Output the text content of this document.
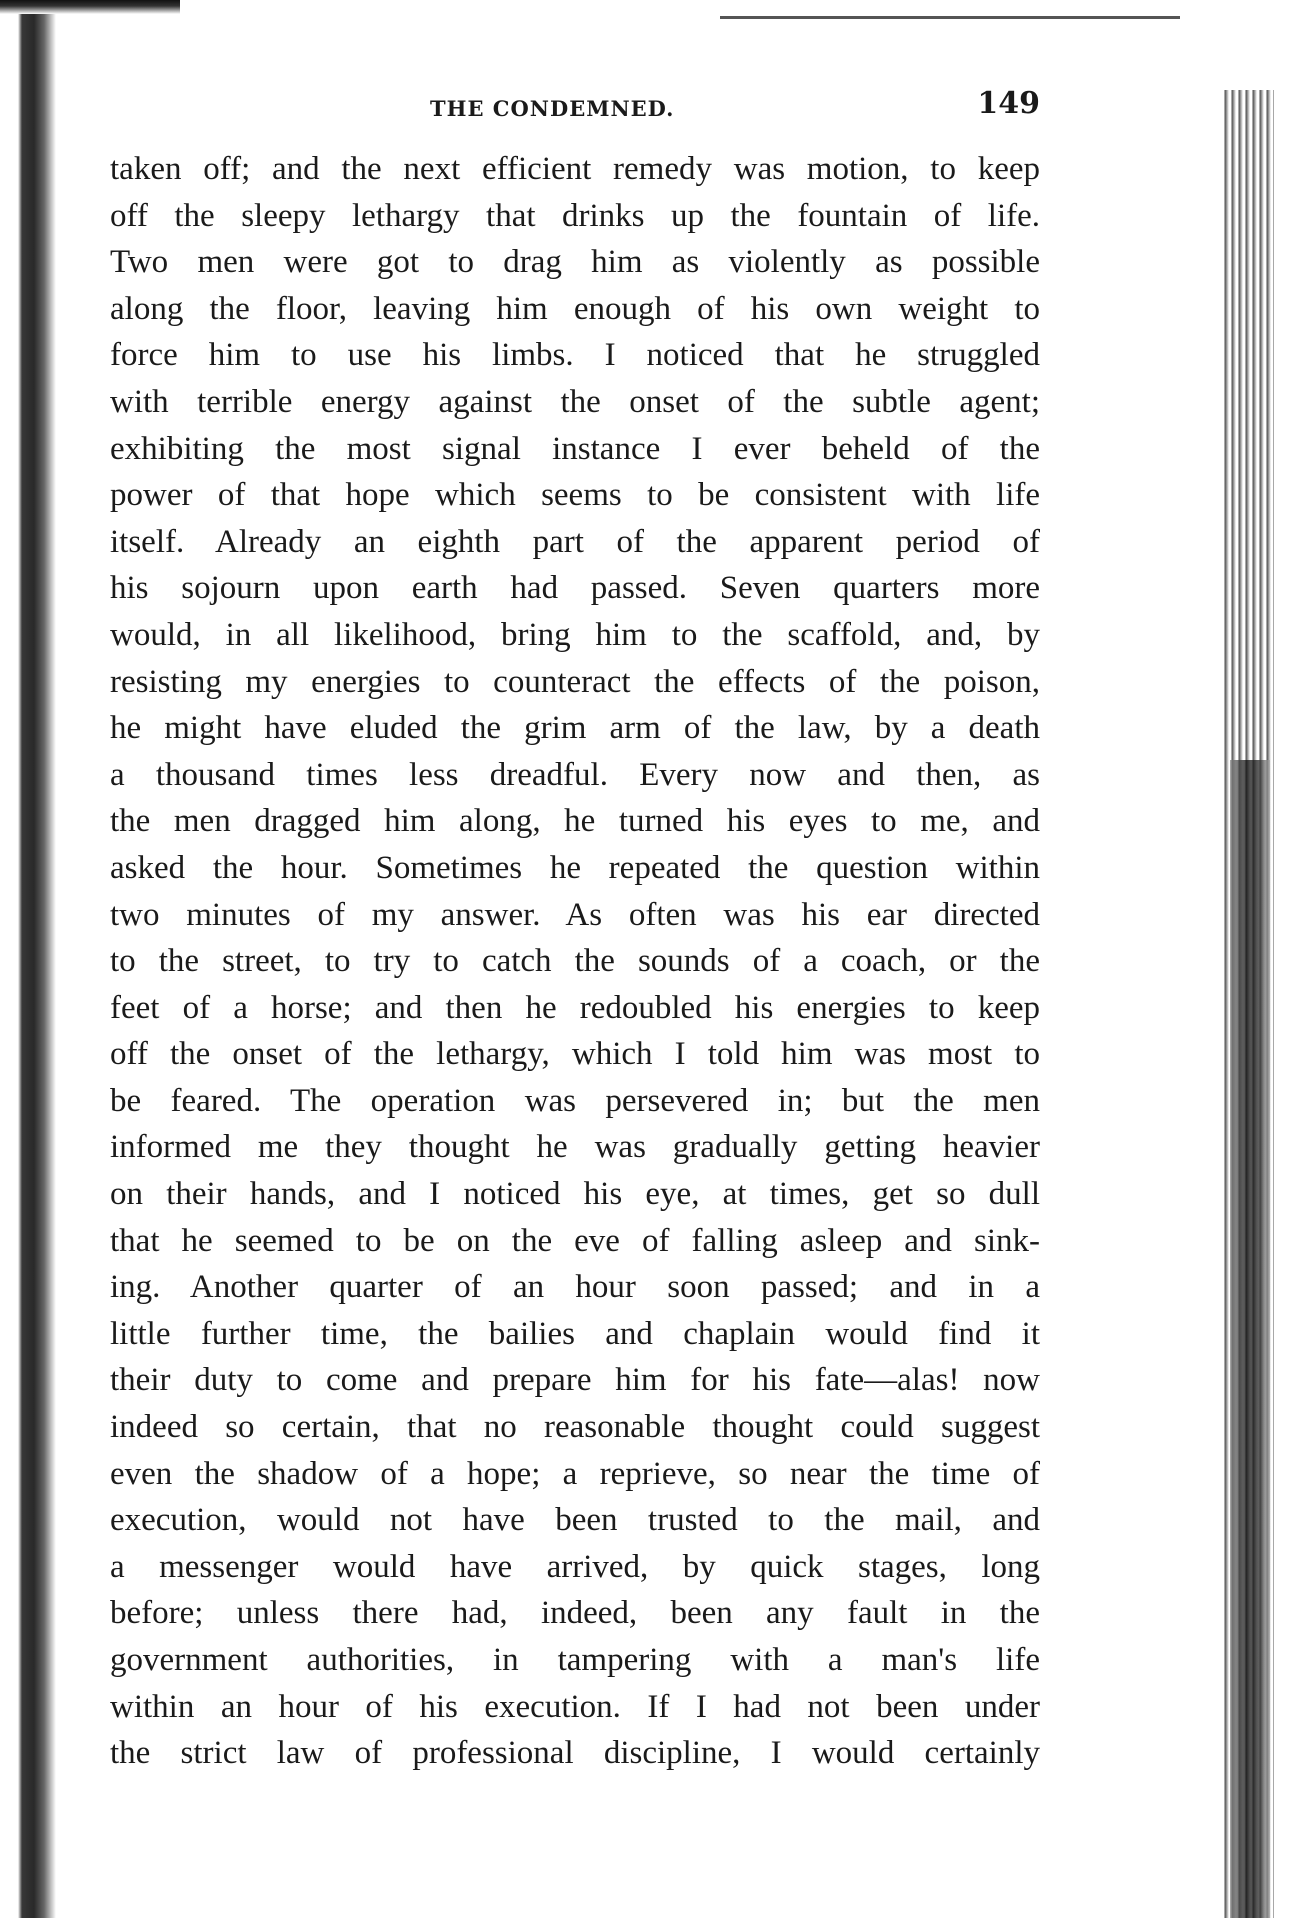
THE CONDEMNED.	149
taken off; and the next efficient remedy was motion, to keep
off the sleepy lethargy that drinks up the fountain of life.
Two men were got to drag him as violently as possible
along the floor, leaving him enough of his own weight to
force him to use his limbs. I noticed that he struggled
with terrible energy against the onset of the subtle agent;
exhibiting the most signal instance I ever beheld of the
power of that hope which seems to be consistent with life
itself. Already an eighth part of the apparent period of
his sojourn upon earth had passed. Seven quarters more
would, in all likelihood, bring him to the scaffold, and, by
resisting my energies to counteract the effects of the poison,
he might have eluded the grim arm of the law, by a death
a thousand times less dreadful. Every now and then, as
the men dragged him along, he turned his eyes to me, and
asked the hour. Sometimes he repeated the question within
two minutes of my answer. As often was his ear directed
to the street, to try to catch the sounds of a coach, or the
feet of a horse; and then he redoubled his energies to keep
off the onset of the lethargy, which I told him was most to
be feared. The operation was persevered in; but the men
informed me they thought he was gradually getting heavier
on their hands, and I noticed his eye, at times, get so dull
that he seemed to be on the eve of falling asleep and sink-
ing. Another quarter of an hour soon passed; and in a
little further time, the bailies and chaplain would find it
their duty to come and prepare him for his fate—alas! now
indeed so certain, that no reasonable thought could suggest
even the shadow of a hope; a reprieve, so near the time of
execution, would not have been trusted to the mail, and
a messenger would have arrived, by quick stages, long
before; unless there had, indeed, been any fault in the
government authorities, in tampering with a man's life
within an hour of his execution. If I had not been under
the strict law of professional discipline, I would certainly
